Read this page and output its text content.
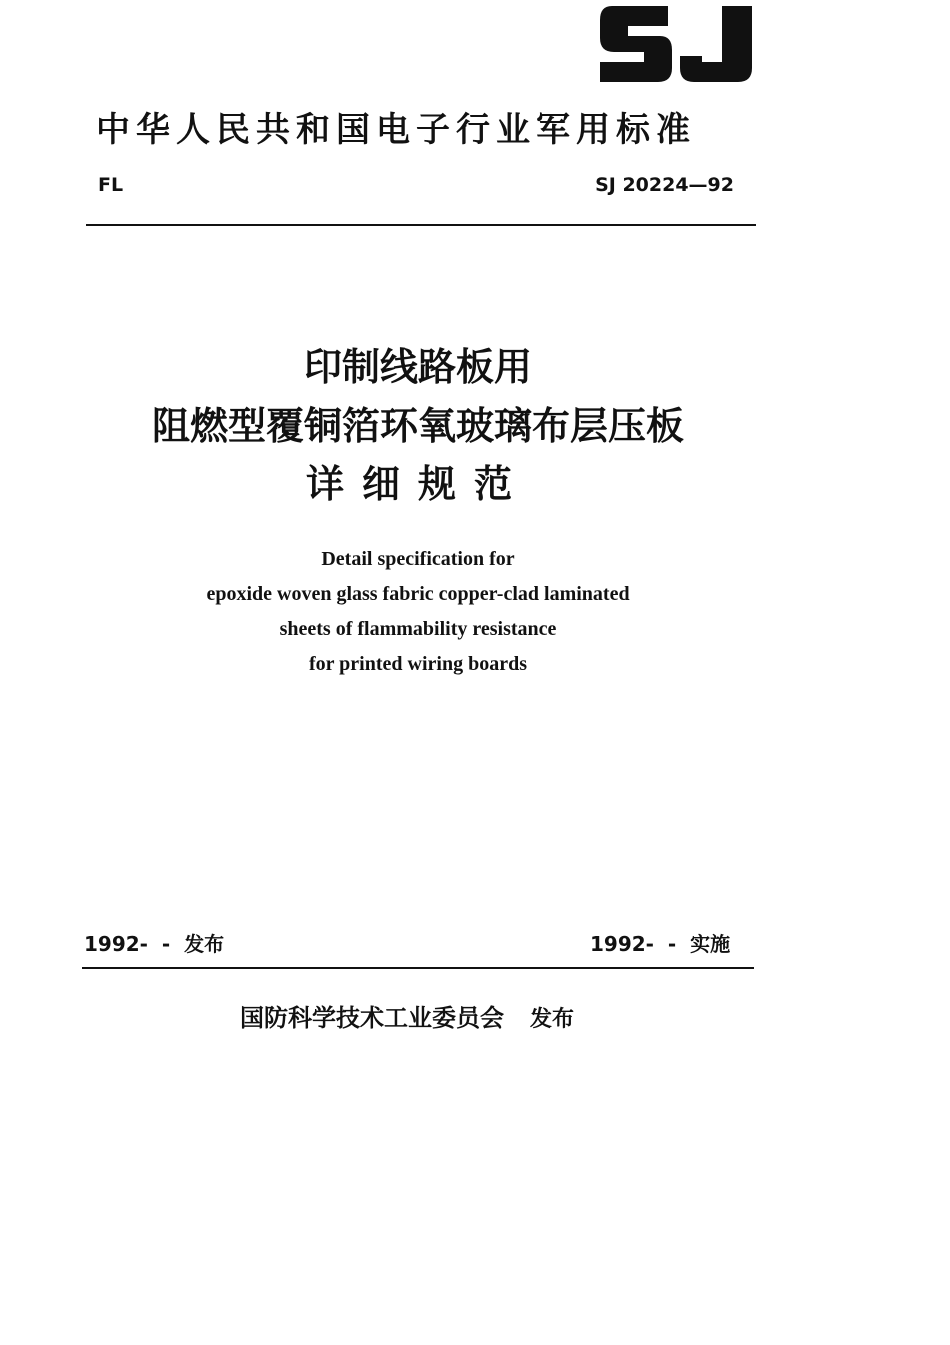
中华人民共和国电子行业军用标准
FL	SJ 20224—92
印制线路板用
阻燃型覆铜箔环氧玻璃布层压板
详细规范
Detail specification for
epoxide woven glass fabric copper-clad laminated
sheets of flammability resistance
for printed wiring boards
1992-  -  发布	1992-  -  实施
国防科学技术工业委员会 发布
